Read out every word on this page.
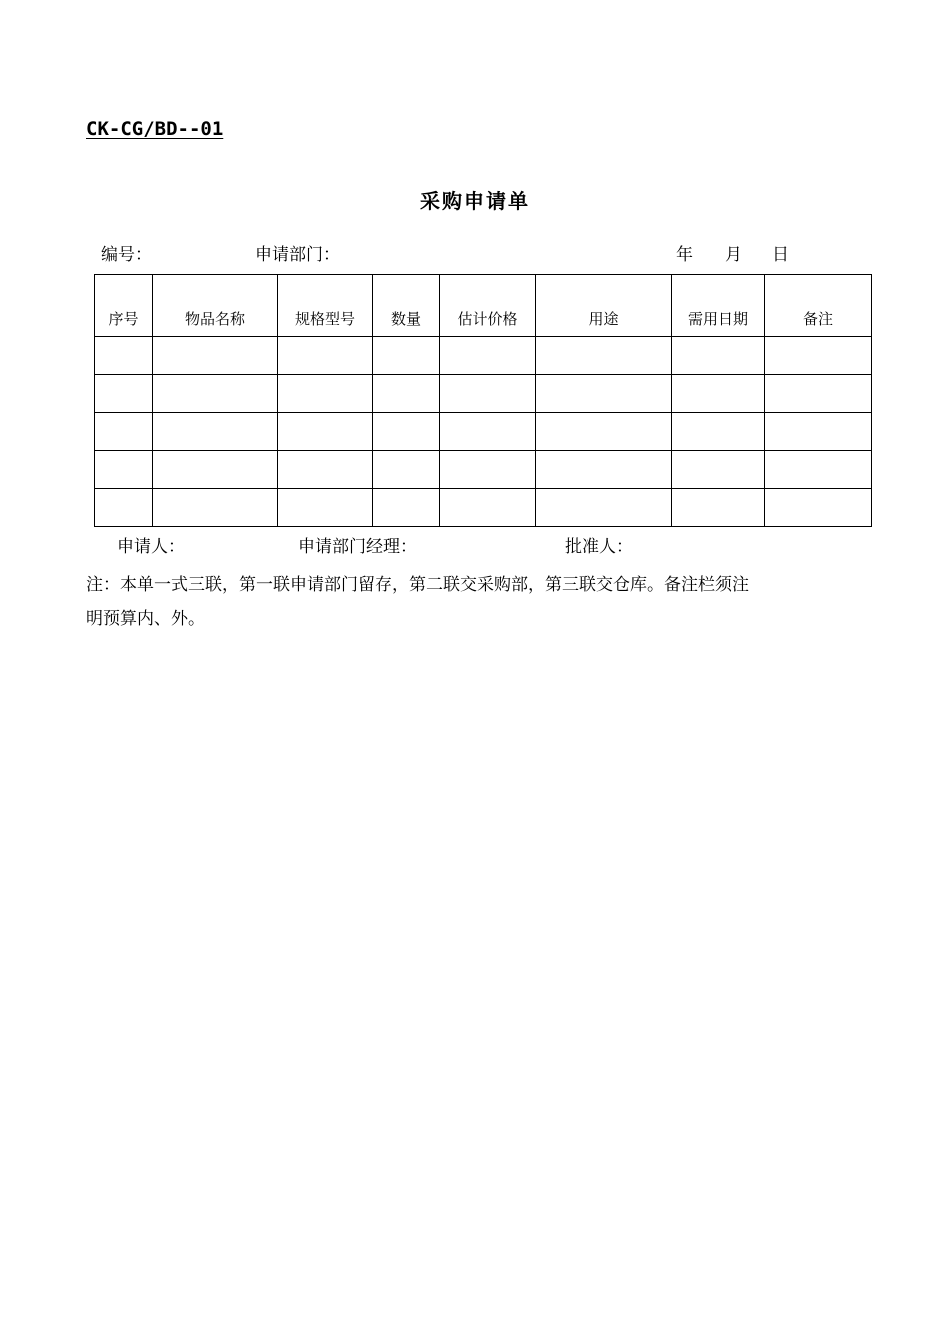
CK-CG/BD--01
采购申请单
编号：	申请部门：	年 月 日
序号	物品名称	规格型号	数量	估计价格	用途	需用日期	备注

申请人：	申请部门经理：	批准人：
注：本单一式三联，第一联申请部门留存，第二联交采购部，第三联交仓库。备注栏须注
明预算内、外。
